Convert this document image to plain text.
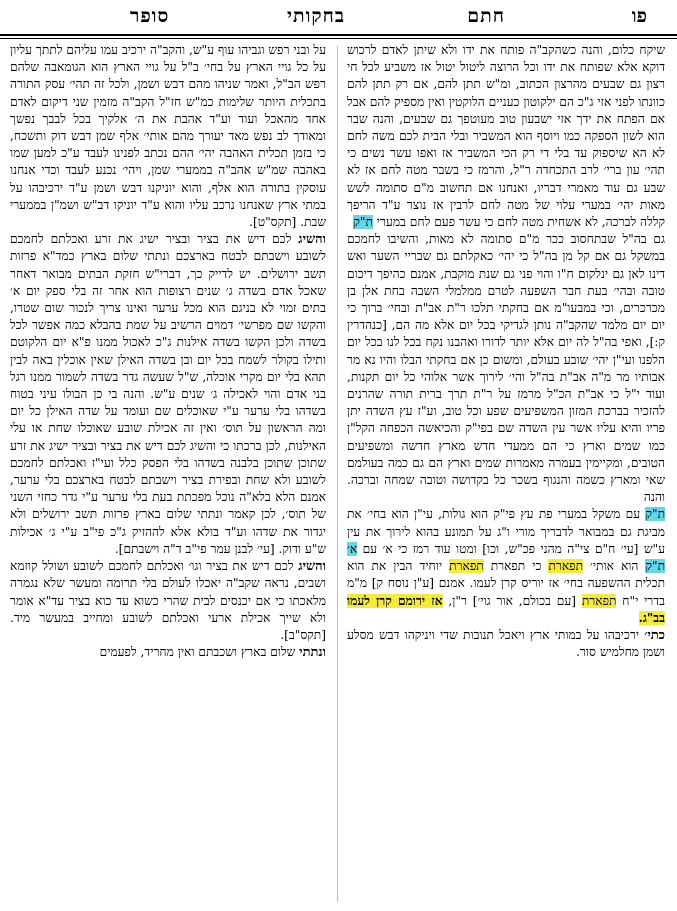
פו
חתם
בחקותי
סופר

שיקח כלום, והנה כשהקב"ה פותח את ידו ולא שיתן לאדם לרכוש דוקא אלא שפותח את ידו וכל הרוצה ליטול יטול אז משביע לכל חי רצון גם שבעים מהרצון הכתוב, ומ"ש תתן להם, אם רק תתן להם כוונתו לפני אזי ג"כ הם ילקוטון כעניים הלוקטין ואין מספיק להם אבל אם הפתח את ידך אזי ישבעון טוב מעוטפך גם שבעים, והנה שבר הוא לשון הספקה כמו ויוסף הוא המשביר ובלי הבית לכם משה לחם לא הא שיספוק עד בלי די רק הכי המשביר אז ואפו עשר נשים כי תהי׳ עון ברי׳ לרב התכחדה ר"ל, והרמז כי בשבר מטה לחם אז לא שבע גם עוד מאמרי דבריו, ואנחנו אם תחשוב מ"ם סתומה לשש מאות יהי׳ במערי עלוי של מטה לחם לרבין אז נוצר ע"ד הריפך קללה לברכה, לא אשחית מטה לחם כי עשר פעם לחם במערי ת"ק

גם בה"ל שבתחסוב ככר מ"ם סתומה לא מאות, והשיבו לחמכם במשקל גם אם קל מן בה"ל כי יהי׳ כאקלתם גם שבריי השער ואש דינו לאן גם ינלקום ח"ו והוי פני גם שנת מוקבת, אמנם כהיפך דיכום טובה ובהי׳ בעת חבר השפעה לטרם ממלמלי השבה בחת אלן בן מכרכרים, וכי במבעו"מ אם בחקתי תלכו ר"ת אב"ת ובחי׳ ברוך כי יום יום מלמד שהקב"ה נותן לגדיקי בכל יום אלא מה הם, [כנהדרין ק:], ואפי בה"ל לה יום אלא יותר לדורו ואהבנו נקח בכל לנו בכל יום הלפנו ועי"ן יהי׳ שובע בעולם, ומשום כן אם בחקתי הבלו והיו נא מר אבותיו מר מ"ה אב"ת בה"ל והי׳ לירוך אשר אלוהי כל יום תקנות, ועוד י"ל כי אב"ת הכ"ל מרמז על ר"ת תרך ברית תורה שהרנים להזכיר בברכת המזון המשפיעים שפע וכל טוב, וע"ז עץ השדה יתן פריו והיא עליו אשר עין השדה שם בפי"ק והכיאשה הכפחה הקל"ן כמו שמים וארץ כי הם ממעדי חדש מארץ חדשה ומשפיעים הטובים, ומקיימין בעמרה מאמרות שמים וארץ הם גם כמה בעולמם שאי ומארץ כשמה והנגוף בשכר כל בקדושה וטובה שמחה וברכה. והנה

ת"ק עם משקל במערי פת עץ פי"ק הוא גולות, עי"ן הוא בחי׳ את מביגת גם במבואר לדבריך מורי ו"ג על תמונע בהוא לירוך את עין ע"ש [עי׳ ח"ם צי"ה מהני פכ"ש, וכו] ומטו עוד רמז כי א׳ עם א׳ ת"ק הוא אותי׳ תפארת כי תפארת תפארת יוחיד הבין את הוא תכלית ההשפעה בחי׳ אז יוריס קרן לעמו. אמנם [ע"ן נוסח ק] מ"מ בדרי י"ח תפארת [עם בכולם, אור גוי׳] ר"ן, אז ירומם קרן לעמו בב"ג.

כתי׳ ירכיבהו על במותי ארץ ויאכל תנובות שדי ויניקהו דבש מסלע ושמן מחלמיש סור.

על ובני רפש וגביהו עוף ע"ש, והקב"ה ירכיב עמו עליהם לתתך עליון על כל גויי הארץ על בחי׳ ב"ל על גויי הארץ הוא הגומאבה שלהם רפש הב"ל, ואמר שניהו מהם דבש ושמן, ולכל זה תהי׳ עסק התורה בתכלית היותר שלימות כמ"ש חז"ל הקב"ה מזמין שני דיקום לאדם אחד מהאכל ועוד וע"ד אהבת את ה׳ אלקיך בכל לבבך נפשך ומאודך לב נפש מאד יעורך מהם אותי׳ אלף שמן דבש דוק ותשכח, כי בזמן תכלית האהבה יהי׳ ההם נכתב לפנינו לעבד ע"כ למען שמו באהבה שמ"ש אהב"ה בממערי שמן, ויהי׳ נכנע לעבד וכדי אנחנו עוסקין בתורה הוא אלף, והוא יוניקנו דבש ושמן ע"ד ירכיבהו על במתי ארץ שאנחנו נרכב עליו והוא ע"ד יוניקו דב"ש ושמ"ן בממערי שבת. [תקס"ט].

והשיג לכם דיש את בציר ובציר ישיג את זרע ואכלתם לחמכם לשובע וישבתם לבטח בארצכם ונתתי שלום בארץ כמד"א פרזות תשב ירושלים. יש לדייק כך, דברי"ש חזקת הבתים מבואר דאחר שאכל אדם בשדה ג׳ שנים רצופות הוא אחר זה בלי ספק יום א׳ בתים זמוי לא בניגם הוא מכל ערער ואינו צריך לנכור שום שטרו, והקשו שם מפרשי׳ דמוים הרשיב על שמת בהבלא כמה אפשר לכל בשדה ולכן הקשו בשדה אילנות ג"כ לאכול ממנו פ"א יום הלקוטם ותילו בקולר לשמח בכל יום ובן בשדה האילן שאין אוכלין באה לבין תהא בלי יום מקרי אוכלה, ש"ל שעשה גדר בשדה לשמור ממנו רגל בני אדם והוי לאכילה ג׳ שנים ע"ש. והנה בי כן הבולו עיני בטוח בשדהו בלי ערער ע"י שאוכלים שם ועומד על שדה האילן כל יום ומה הראשון על תוס׳ ואין זה אכילת שובע שאוכלו שחת או עלי האילנות, לכן ברכתו כי והשיג לכם דיש את בציר ובציר ישיג את זרע שתוכן שתוכן בלבנה בשדהו בלי הפסק כלל ועי"ז ואכלתם לחמכם לשובע ולא שחת ובפירת בציר וישבתם לבטח בארצכם בלי ערער, אמנם הלא בלא"ה נוכל מפכתת בעת בלי ערער ע"י גדר כחזי השני של תוס׳, לכן קאמר ונתתי שלום בארץ פרזות תשב ירושלים ולא יגדור את שדהו וע"ד בולא אלא לההזיק ג"כ פי"ב ע"י ג׳ אכילות ש"ע ודוק. [עי׳ לבנן עמר פי"ב ד"ה וישבתם].

והשיג לכם דיש את בציר וגו׳ ואכלתם לחמכם לשובע ושולל קוזמא ושבים, נראה שקב"ה יאכלו לעולם בלי תרומה ומעשר שלא נגמרה מלאכתו כי אם יכנסים לבית שהרי כשוא עד כוא בציר עד"א אומר ולא שייך אכילת ארעי ואכלתם לשובע ומחייב במעשר מיד. [תקס"ב].

ונתתי שלום בארץ ושכבתם ואין מחריד, לפעמים
